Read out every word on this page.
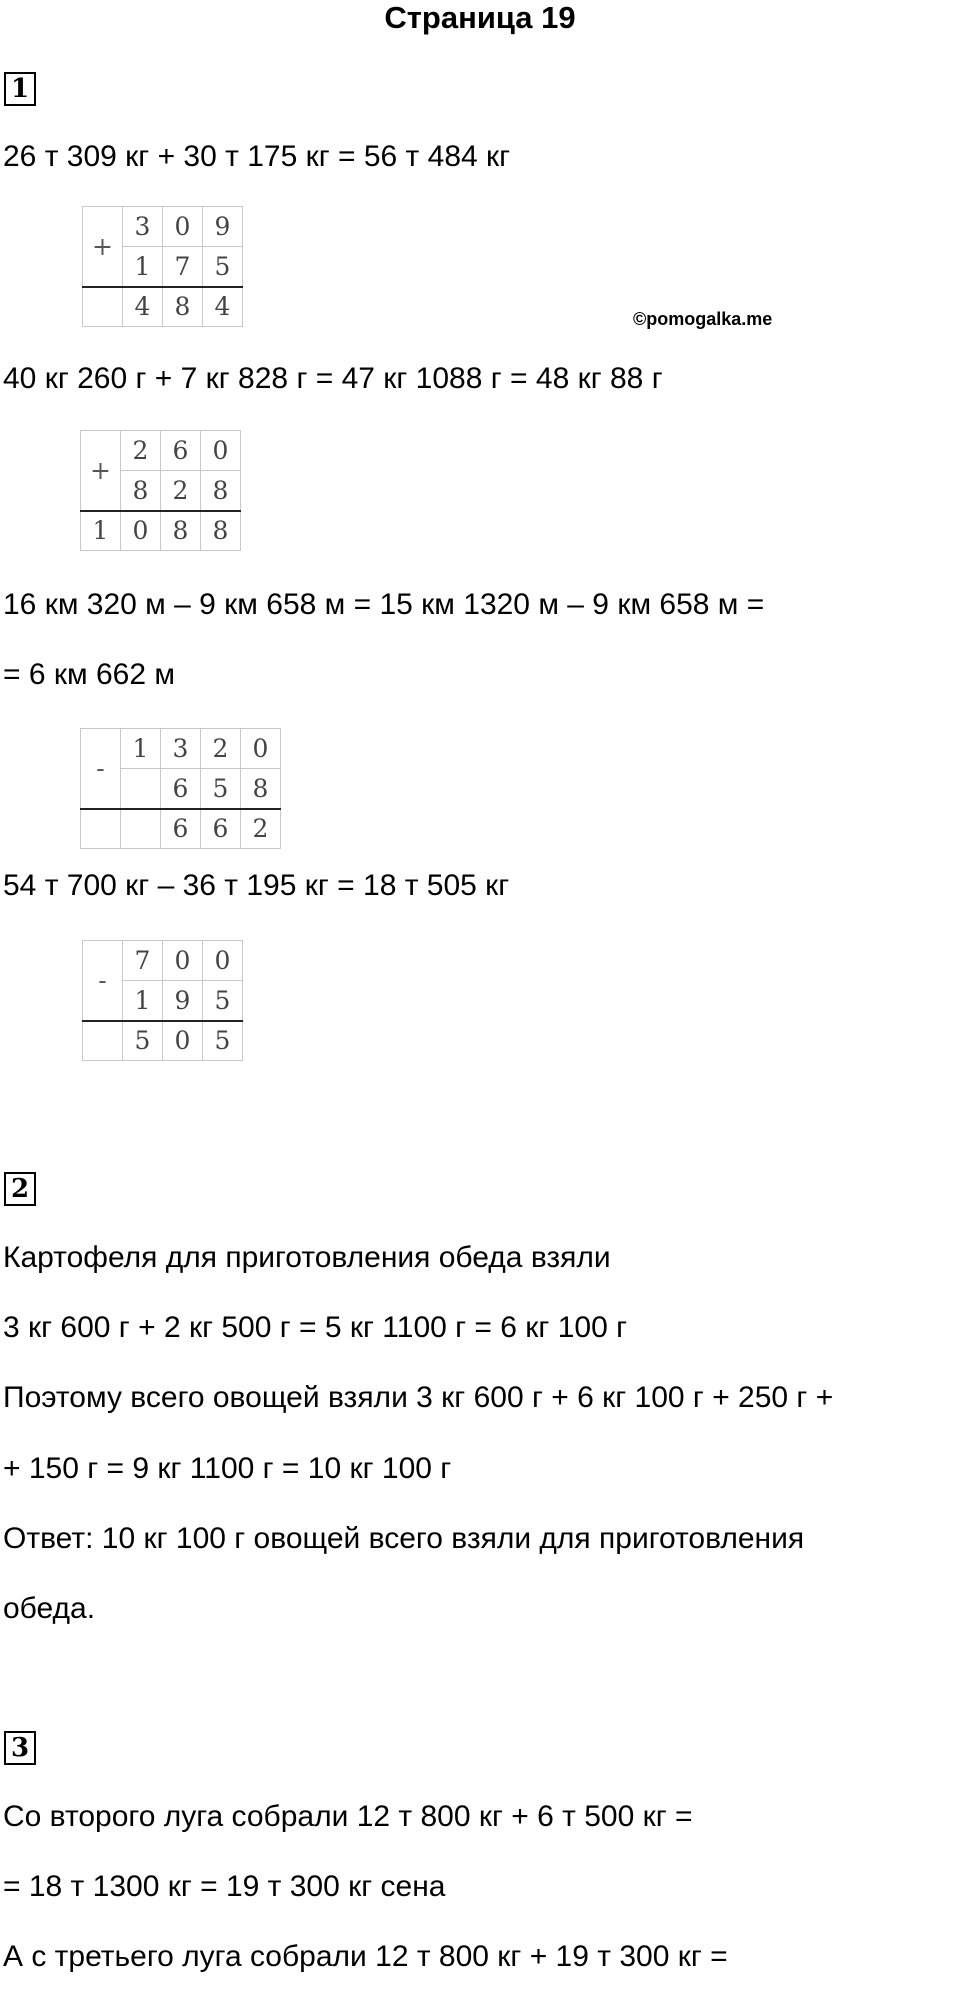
Страница 19
1
26 т 309 кг + 30 т 175 кг = 56 т 484 кг
+	3	0	9
	1	7	5
	4	8	4	©pomogalka.me
40 кг 260 г + 7 кг 828 г = 47 кг 1088 г = 48 кг 88 г
+	2	6	0
	8	2	8
1	0	8	8
16 км 320 м – 9 км 658 м = 15 км 1320 м – 9 км 658 м =
= 6 км 662 м
-	1	3	2	0
		6	5	8
		6	6	2
54 т 700 кг – 36 т 195 кг = 18 т 505 кг
-	7	0	0
	1	9	5
	5	0	5
2
Картофеля для приготовления обеда взяли
3 кг 600 г + 2 кг 500 г = 5 кг 1100 г = 6 кг 100 г
Поэтому всего овощей взяли 3 кг 600 г + 6 кг 100 г + 250 г +
+ 150 г = 9 кг 1100 г = 10 кг 100 г
Ответ: 10 кг 100 г овощей всего взяли для приготовления
обеда.
3
Со второго луга собрали 12 т 800 кг + 6 т 500 кг =
= 18 т 1300 кг = 19 т 300 кг сена
А с третьего луга собрали 12 т 800 кг + 19 т 300 кг =
